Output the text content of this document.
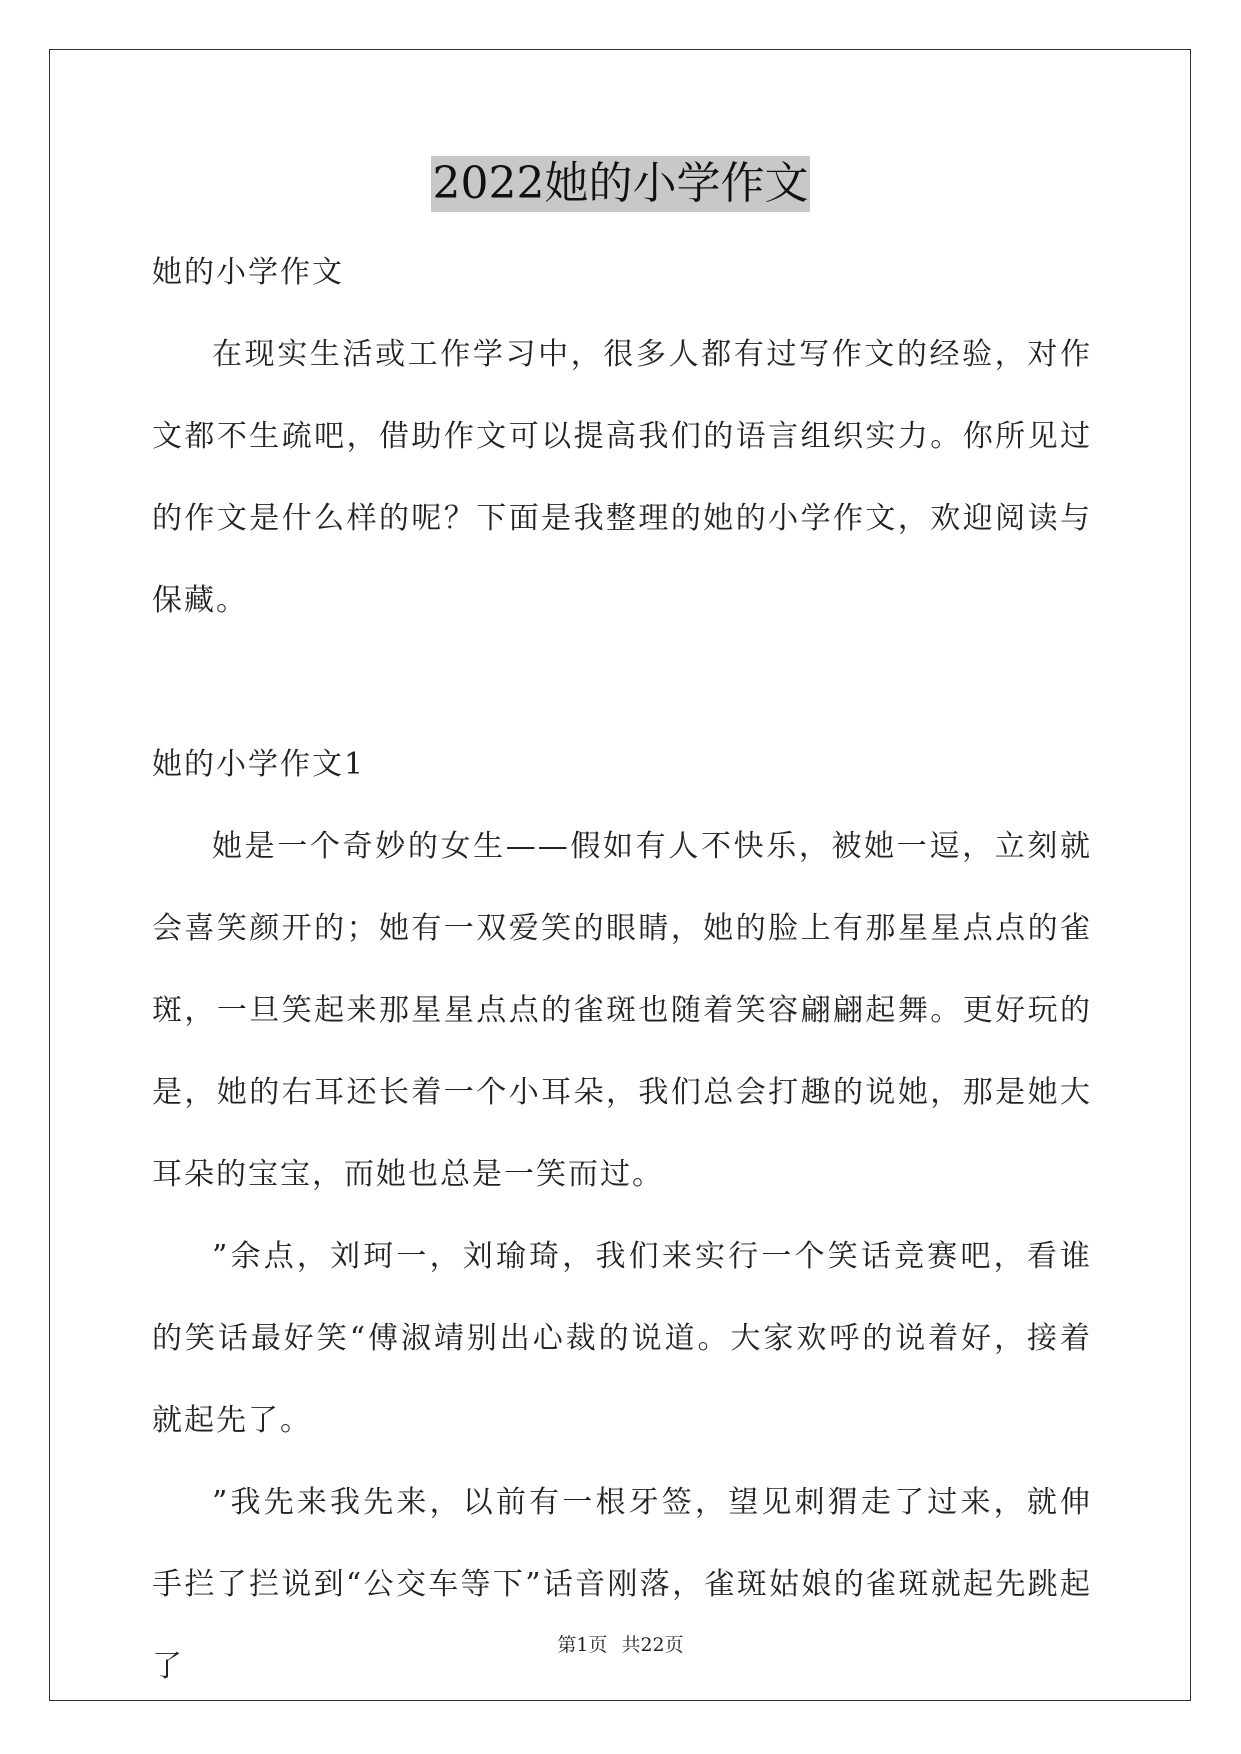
2022她的小学作文

她的小学作文

在现实生活或工作学习中，很多人都有过写作文的经验，对作文都不生疏吧，借助作文可以提高我们的语言组织实力。你所见过的作文是什么样的呢？下面是我整理的她的小学作文，欢迎阅读与保藏。

她的小学作文1

她是一个奇妙的女生——假如有人不快乐，被她一逗，立刻就会喜笑颜开的；她有一双爱笑的眼睛，她的脸上有那星星点点的雀斑，一旦笑起来那星星点点的雀斑也随着笑容翩翩起舞。更好玩的是，她的右耳还长着一个小耳朵，我们总会打趣的说她，那是她大耳朵的宝宝，而她也总是一笑而过。

”余点，刘珂一，刘瑜琦，我们来实行一个笑话竞赛吧，看谁的笑话最好笑“傅淑靖别出心裁的说道。大家欢呼的说着好，接着就起先了。

”我先来我先来，以前有一根牙签，望见刺猬走了过来，就伸手拦了拦说到“公交车等下”话音刚落，雀斑姑娘的雀斑就起先跳起了

第1页 共22页
